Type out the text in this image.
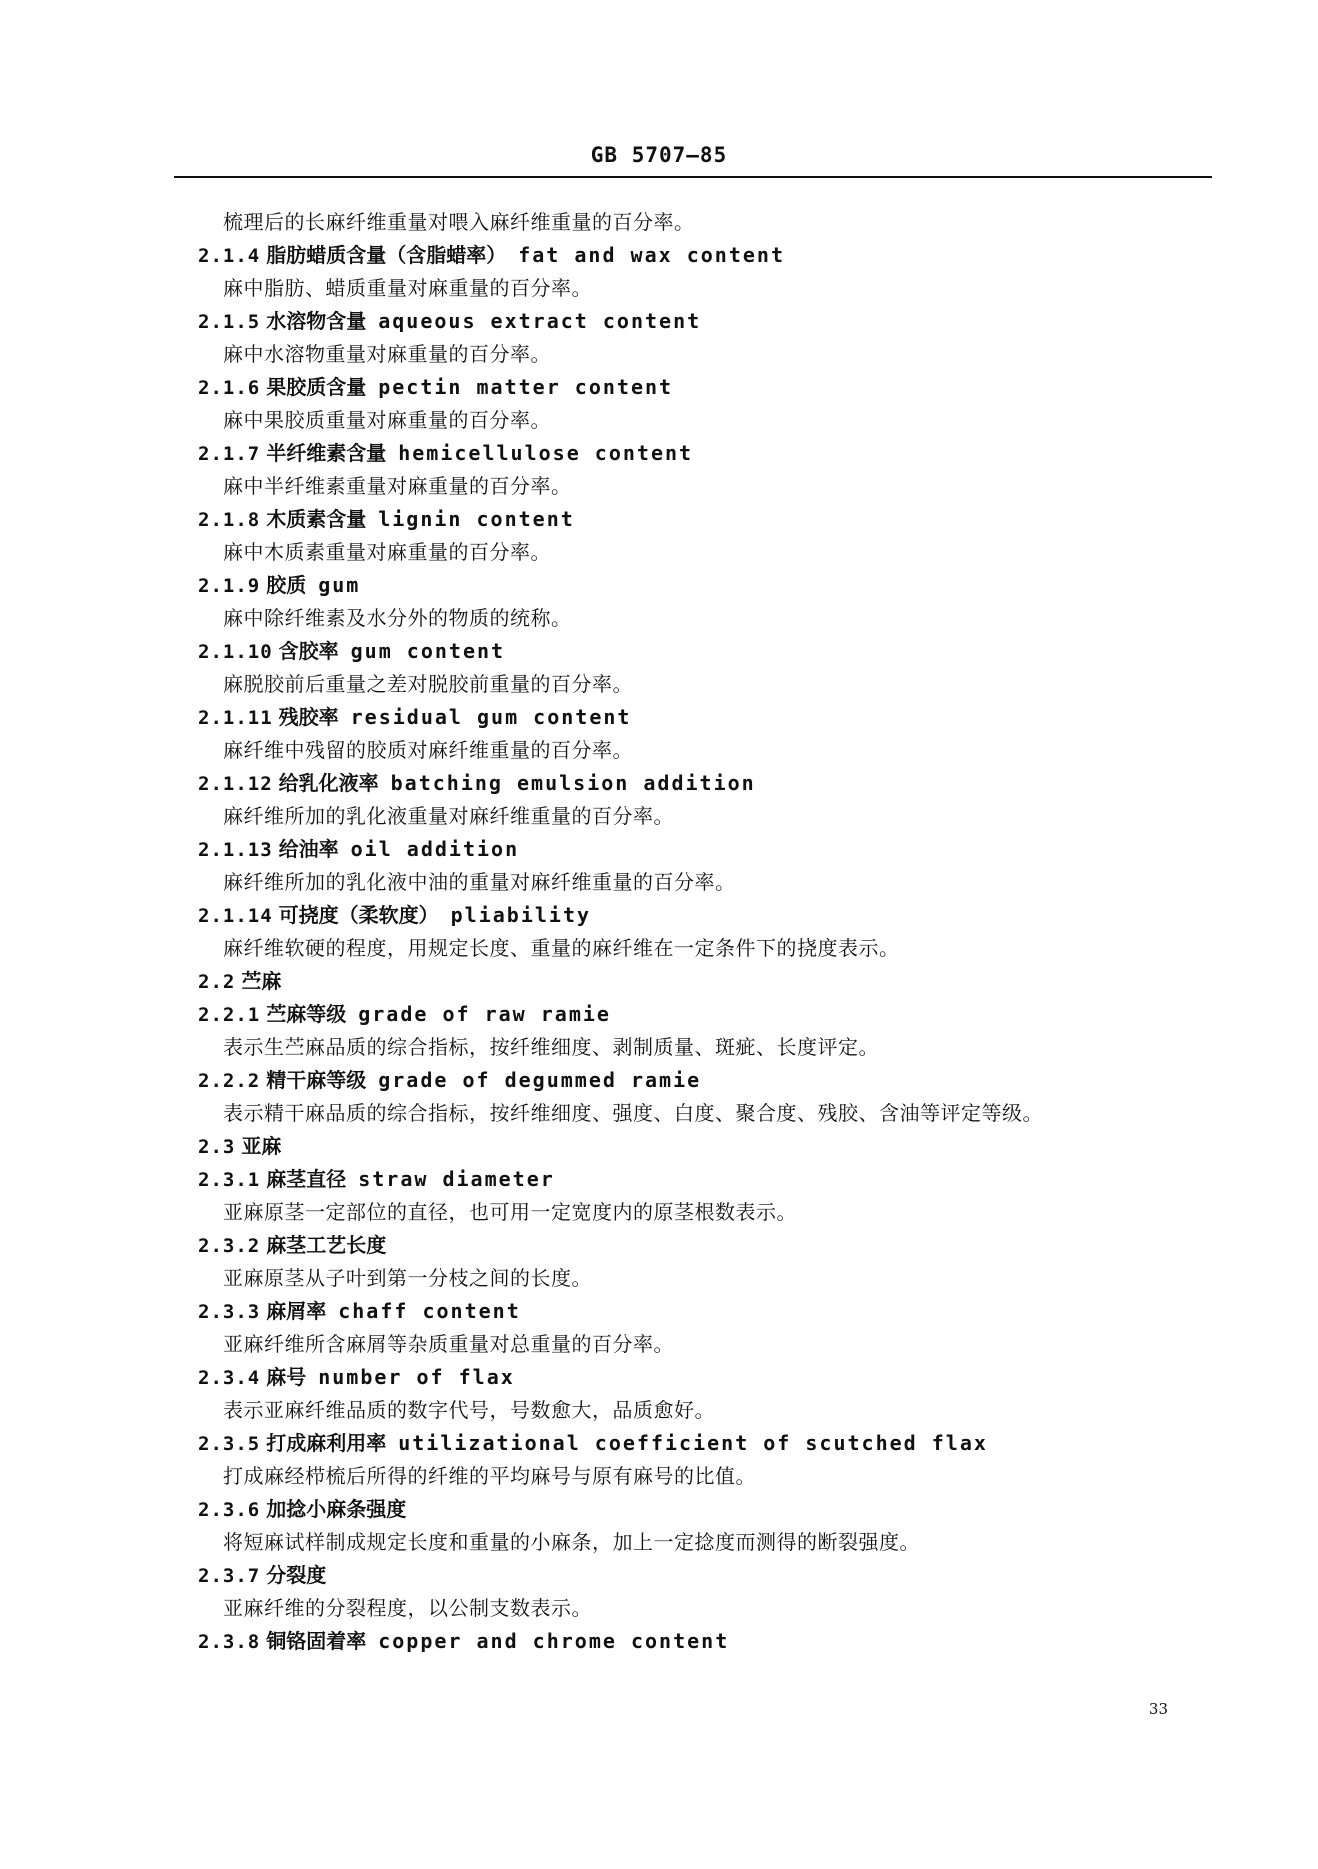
GB 5707—85
梳理后的长麻纤维重量对喂入麻纤维重量的百分率。
2.1.4 脂肪蜡质含量（含脂蜡率） fat and wax content
麻中脂肪、蜡质重量对麻重量的百分率。
2.1.5 水溶物含量 aqueous extract content
麻中水溶物重量对麻重量的百分率。
2.1.6 果胶质含量 pectin matter content
麻中果胶质重量对麻重量的百分率。
2.1.7 半纤维素含量 hemicellulose content
麻中半纤维素重量对麻重量的百分率。
2.1.8 木质素含量 lignin content
麻中木质素重量对麻重量的百分率。
2.1.9 胶质 gum
麻中除纤维素及水分外的物质的统称。
2.1.10 含胶率 gum content
麻脱胶前后重量之差对脱胶前重量的百分率。
2.1.11 残胶率 residual gum content
麻纤维中残留的胶质对麻纤维重量的百分率。
2.1.12 给乳化液率 batching emulsion addition
麻纤维所加的乳化液重量对麻纤维重量的百分率。
2.1.13 给油率 oil addition
麻纤维所加的乳化液中油的重量对麻纤维重量的百分率。
2.1.14 可挠度（柔软度） pliability
麻纤维软硬的程度，用规定长度、重量的麻纤维在一定条件下的挠度表示。
2.2 苎麻
2.2.1 苎麻等级 grade of raw ramie
表示生苎麻品质的综合指标，按纤维细度、剥制质量、斑疵、长度评定。
2.2.2 精干麻等级 grade of degummed ramie
表示精干麻品质的综合指标，按纤维细度、强度、白度、聚合度、残胶、含油等评定等级。
2.3 亚麻
2.3.1 麻茎直径 straw diameter
亚麻原茎一定部位的直径，也可用一定宽度内的原茎根数表示。
2.3.2 麻茎工艺长度
亚麻原茎从子叶到第一分枝之间的长度。
2.3.3 麻屑率 chaff content
亚麻纤维所含麻屑等杂质重量对总重量的百分率。
2.3.4 麻号 number of flax
表示亚麻纤维品质的数字代号，号数愈大，品质愈好。
2.3.5 打成麻利用率 utilizational coefficient of scutched flax
打成麻经栉梳后所得的纤维的平均麻号与原有麻号的比值。
2.3.6 加捻小麻条强度
将短麻试样制成规定长度和重量的小麻条，加上一定捻度而测得的断裂强度。
2.3.7 分裂度
亚麻纤维的分裂程度，以公制支数表示。
2.3.8 铜铬固着率 copper and chrome content
33
